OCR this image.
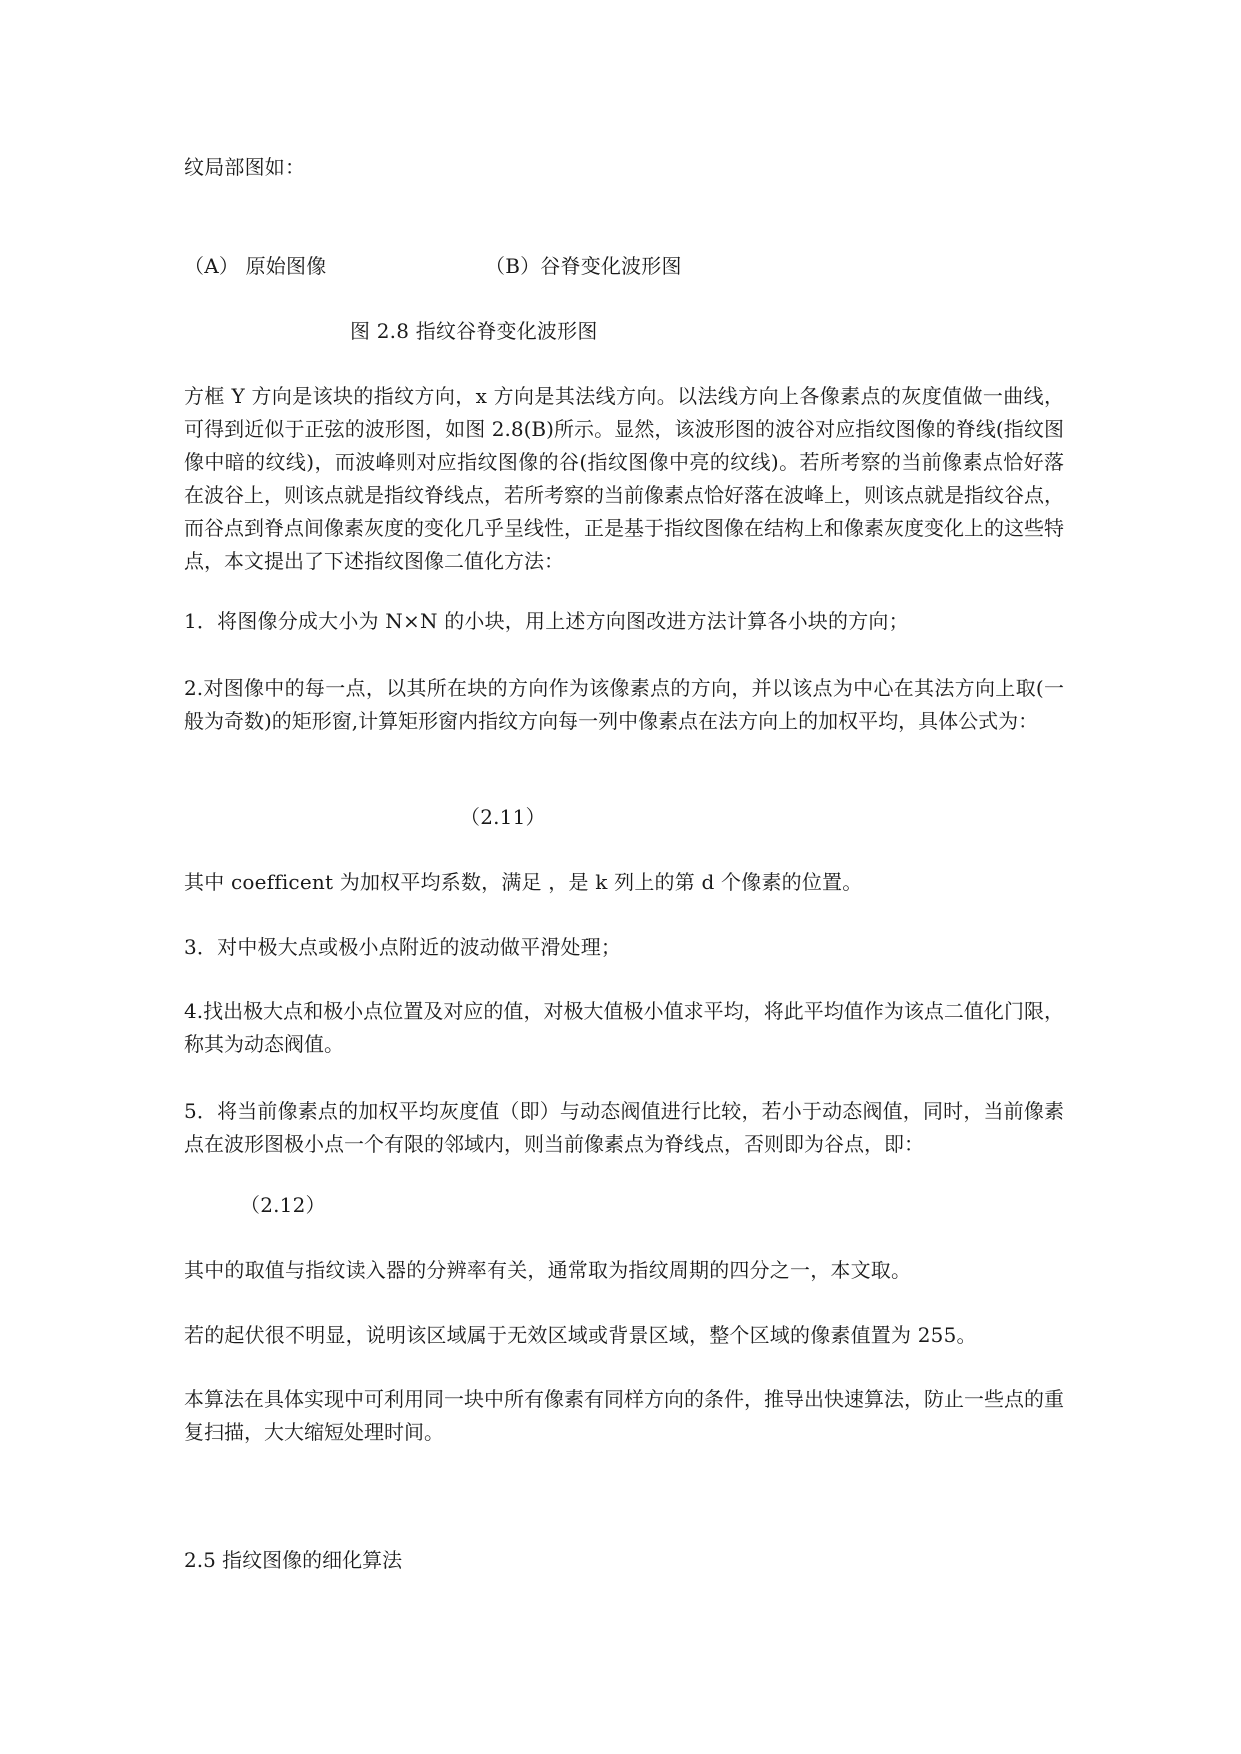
纹局部图如：
（A） 原始图像	（B）谷脊变化波形图
图 2.8 指纹谷脊变化波形图
方框 Y 方向是该块的指纹方向，x 方向是其法线方向。以法线方向上各像素点的灰度值做一曲线，可得到近似于正弦的波形图，如图 2.8(B)所示。显然，该波形图的波谷对应指纹图像的脊线(指纹图像中暗的纹线)，而波峰则对应指纹图像的谷(指纹图像中亮的纹线)。若所考察的当前像素点恰好落在波谷上，则该点就是指纹脊线点，若所考察的当前像素点恰好落在波峰上，则该点就是指纹谷点，而谷点到脊点间像素灰度的变化几乎呈线性，正是基于指纹图像在结构上和像素灰度变化上的这些特点，本文提出了下述指纹图像二值化方法：
1．将图像分成大小为 N×N 的小块，用上述方向图改进方法计算各小块的方向；
2.对图像中的每一点，以其所在块的方向作为该像素点的方向，并以该点为中心在其法方向上取(一般为奇数)的矩形窗,计算矩形窗内指纹方向每一列中像素点在法方向上的加权平均，具体公式为：
（2.11）
其中 coefficent 为加权平均系数，满足 ，是 k 列上的第 d 个像素的位置。
3．对中极大点或极小点附近的波动做平滑处理；
4.找出极大点和极小点位置及对应的值，对极大值极小值求平均，将此平均值作为该点二值化门限，称其为动态阀值。
5．将当前像素点的加权平均灰度值（即）与动态阀值进行比较，若小于动态阀值，同时，当前像素点在波形图极小点一个有限的邻域内，则当前像素点为脊线点，否则即为谷点，即：
（2.12）
其中的取值与指纹读入器的分辨率有关，通常取为指纹周期的四分之一，本文取。
若的起伏很不明显，说明该区域属于无效区域或背景区域，整个区域的像素值置为 255。
本算法在具体实现中可利用同一块中所有像素有同样方向的条件，推导出快速算法，防止一些点的重复扫描，大大缩短处理时间。
2.5 指纹图像的细化算法
